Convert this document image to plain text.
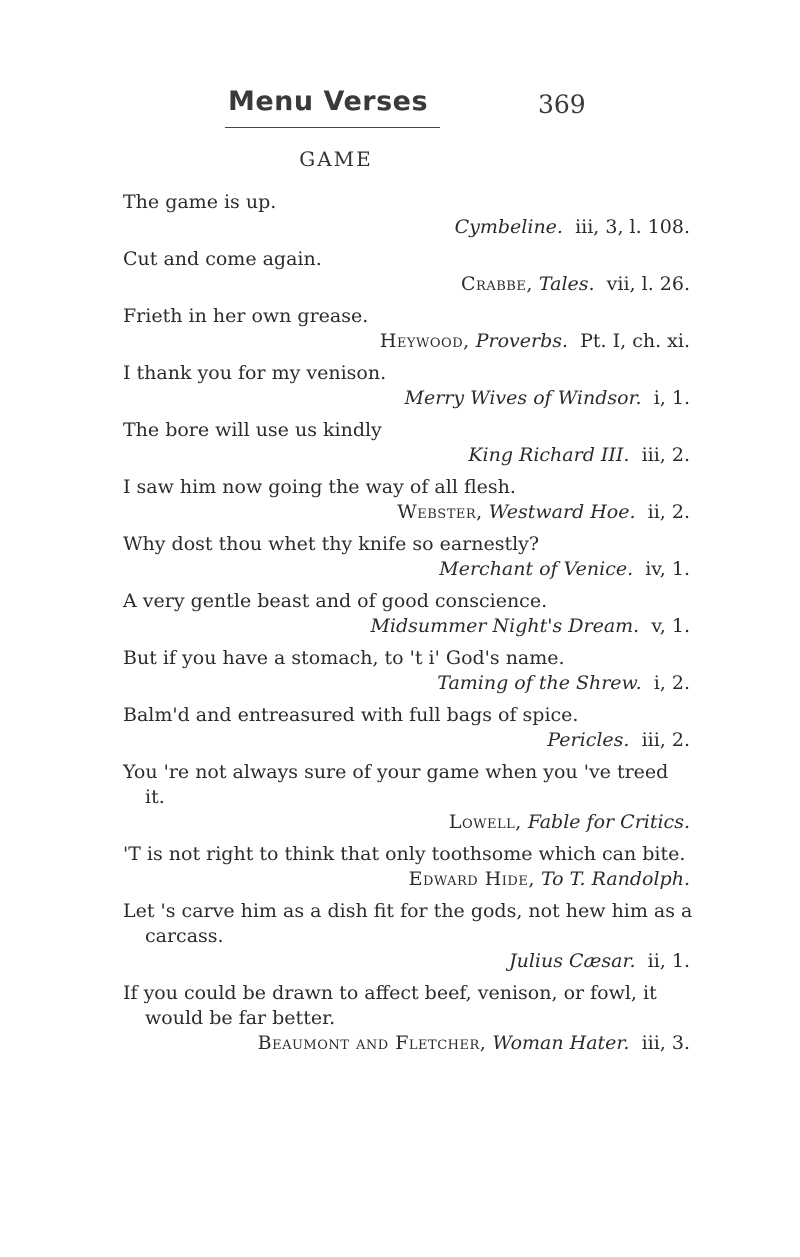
Menu Verses	369
GAME
The game is up.
Cymbeline. iii, 3, l. 108.
Cut and come again.
Crabbe, Tales. vii, l. 26.
Frieth in her own grease.
Heywood, Proverbs. Pt. I, ch. xi.
I thank you for my venison.
Merry Wives of Windsor. i, 1.
The bore will use us kindly
King Richard III. iii, 2.
I saw him now going the way of all flesh.
Webster, Westward Hoe. ii, 2.
Why dost thou whet thy knife so earnestly?
Merchant of Venice. iv, 1.
A very gentle beast and of good conscience.
Midsummer Night's Dream. v, 1.
But if you have a stomach, to 't i' God's name.
Taming of the Shrew. i, 2.
Balm'd and entreasured with full bags of spice.
Pericles. iii, 2.
You 're not always sure of your game when you 've treed it.
Lowell, Fable for Critics.
'T is not right to think that only toothsome which can bite.
Edward Hide, To T. Randolph.
Let 's carve him as a dish fit for the gods, not hew him as a carcass.
Julius Cæsar. ii, 1.
If you could be drawn to affect beef, venison, or fowl, it would be far better.
Beaumont and Fletcher, Woman Hater. iii, 3.
